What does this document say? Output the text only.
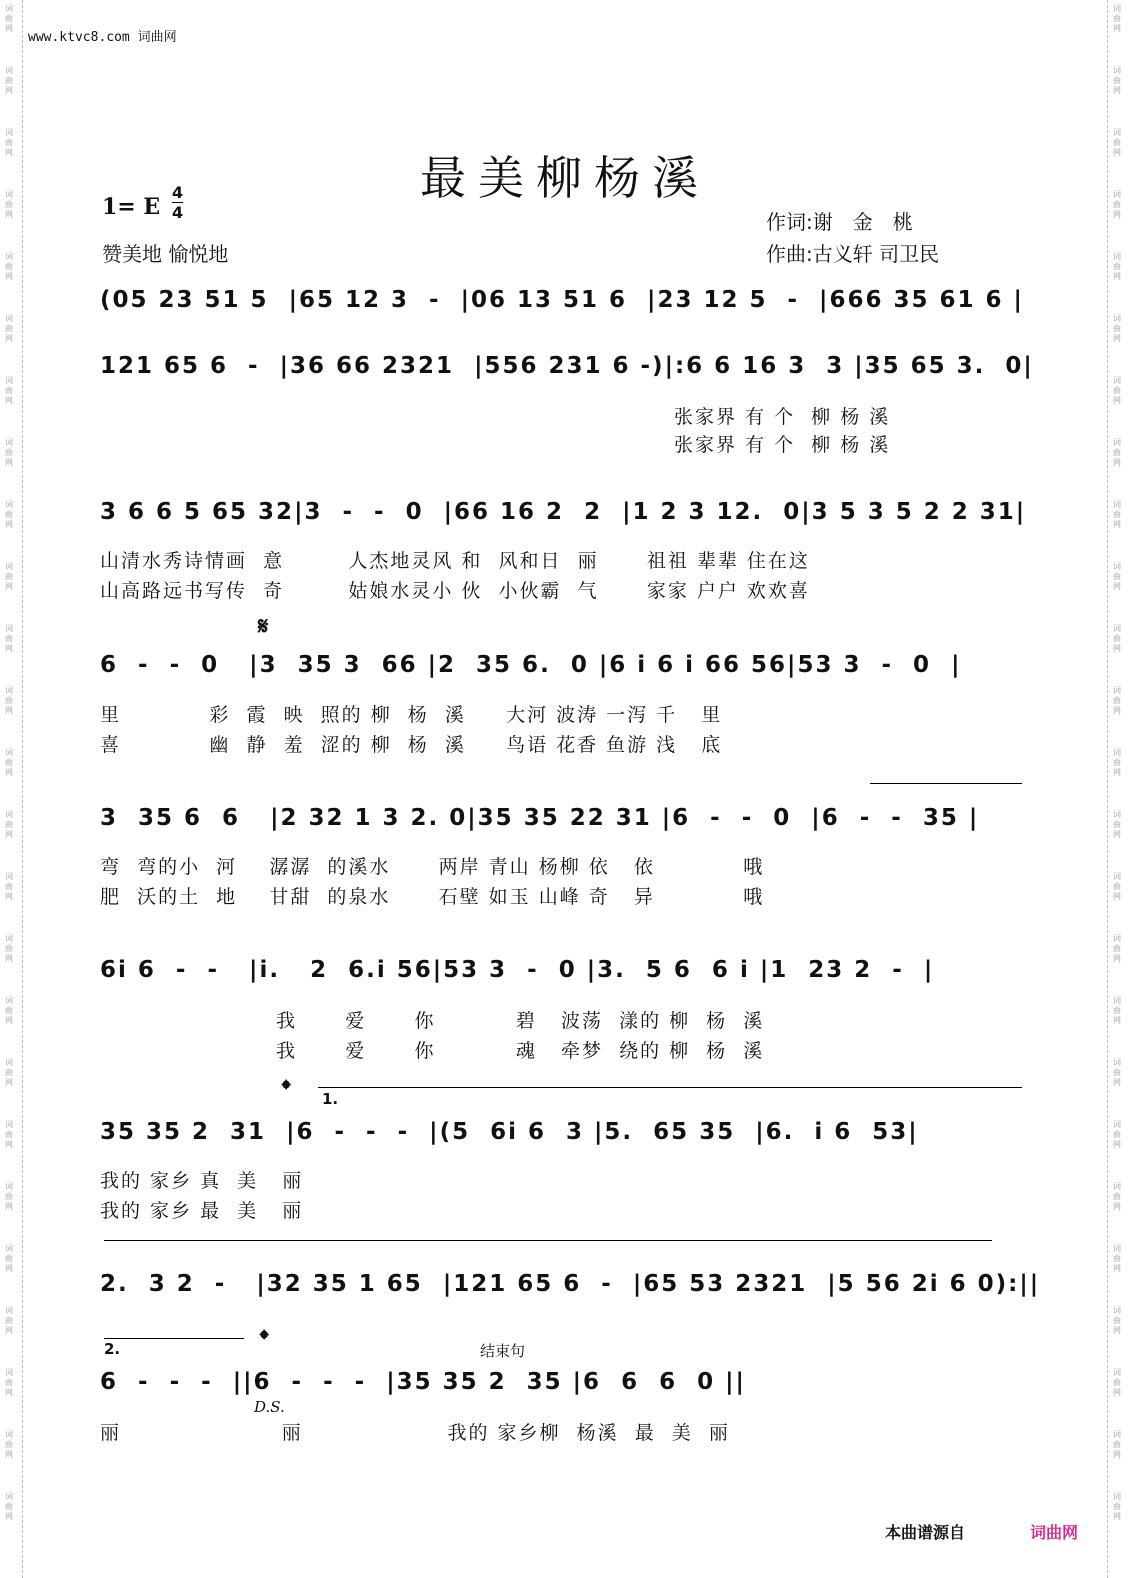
词曲网
词曲网
词曲网
词曲网
词曲网
词曲网
词曲网
词曲网
词曲网
词曲网
词曲网
词曲网
词曲网
词曲网
词曲网
词曲网
词曲网
词曲网
词曲网
词曲网
词曲网
词曲网
词曲网
词曲网
词曲网
词曲网
词曲网
词曲网
词曲网
词曲网
词曲网
词曲网
词曲网
词曲网
词曲网
词曲网
词曲网
词曲网
词曲网
词曲网
词曲网
词曲网
词曲网
词曲网
词曲网
词曲网
词曲网
词曲网
词曲网
词曲网
www.ktvc8.com 词曲网
最美柳杨溪
1= E
4
4
赞美地 愉悦地
作词:谢　金　桃
作曲:古义轩 司卫民
(05 23 51 5  |65 12 3  -  |06 13 51 6  |23 12 5  -  |666 35 61 6 |
121 65 6  -  |36 66 2321  |556 231 6 -)|:6 6 16 3  3 |35 65 3.  0|
张家界 有 个  柳 杨 溪
张家界 有 个  柳 杨 溪
3 6 6 5 65 32|3  -  -  0  |66 16 2  2  |1 2 3 12.  0|3 5 3 5 2 2 31|
山清水秀诗情画  意        人杰地灵风 和  风和日  丽      祖祖 辈辈 住在这
山高路远书写传  奇        姑娘水灵小 伙  小伙霸  气      家家 户户 欢欢喜
𝄋
6  -  -  0   |3  35 3  66 |2  35 6.  0 |6 i 6 i 66 56|53 3  -  0  |
里           彩  霞  映  照的 柳  杨  溪     大河 波涛 一泻 千   里
喜           幽  静  羞  涩的 柳  杨  溪     鸟语 花香 鱼游 浅   底
3  35 6  6   |2 32 1 3 2. 0|35 35 22 31 |6  -  -  0  |6  -  -  35 |
弯  弯的小  河    潺潺  的溪水      两岸 青山 杨柳 依   依           哦
肥  沃的土  地    甘甜  的泉水      石壁 如玉 山峰 奇   异           哦
6i 6  -  -   |i.   2  6.i 56|53 3  -  0 |3.  5 6  6 i |1  23 2  -  |
我      爱      你          碧   波荡  漾的 柳  杨  溪
我      爱      你          魂   牵梦  绕的 柳  杨  溪
𝄌 1.
35 35 2  31  |6  -  -  -  |(5  6i 6  3 |5.  65 35  |6.  i 6  53|
我的 家乡 真  美   丽
我的 家乡 最  美   丽
2.  3 2  -   |32 35 1 65  |121 65 6  -  |65 53 2321  |5 56 2i 6 0):||
2.	𝄌	结束句
6  -  -  -  ||6  -  -  -  |35 35 2  35 |6  6  6  0 ||
D.S.
丽                    丽                  我的 家乡柳  杨溪  最  美  丽
本曲谱源自	词曲网
